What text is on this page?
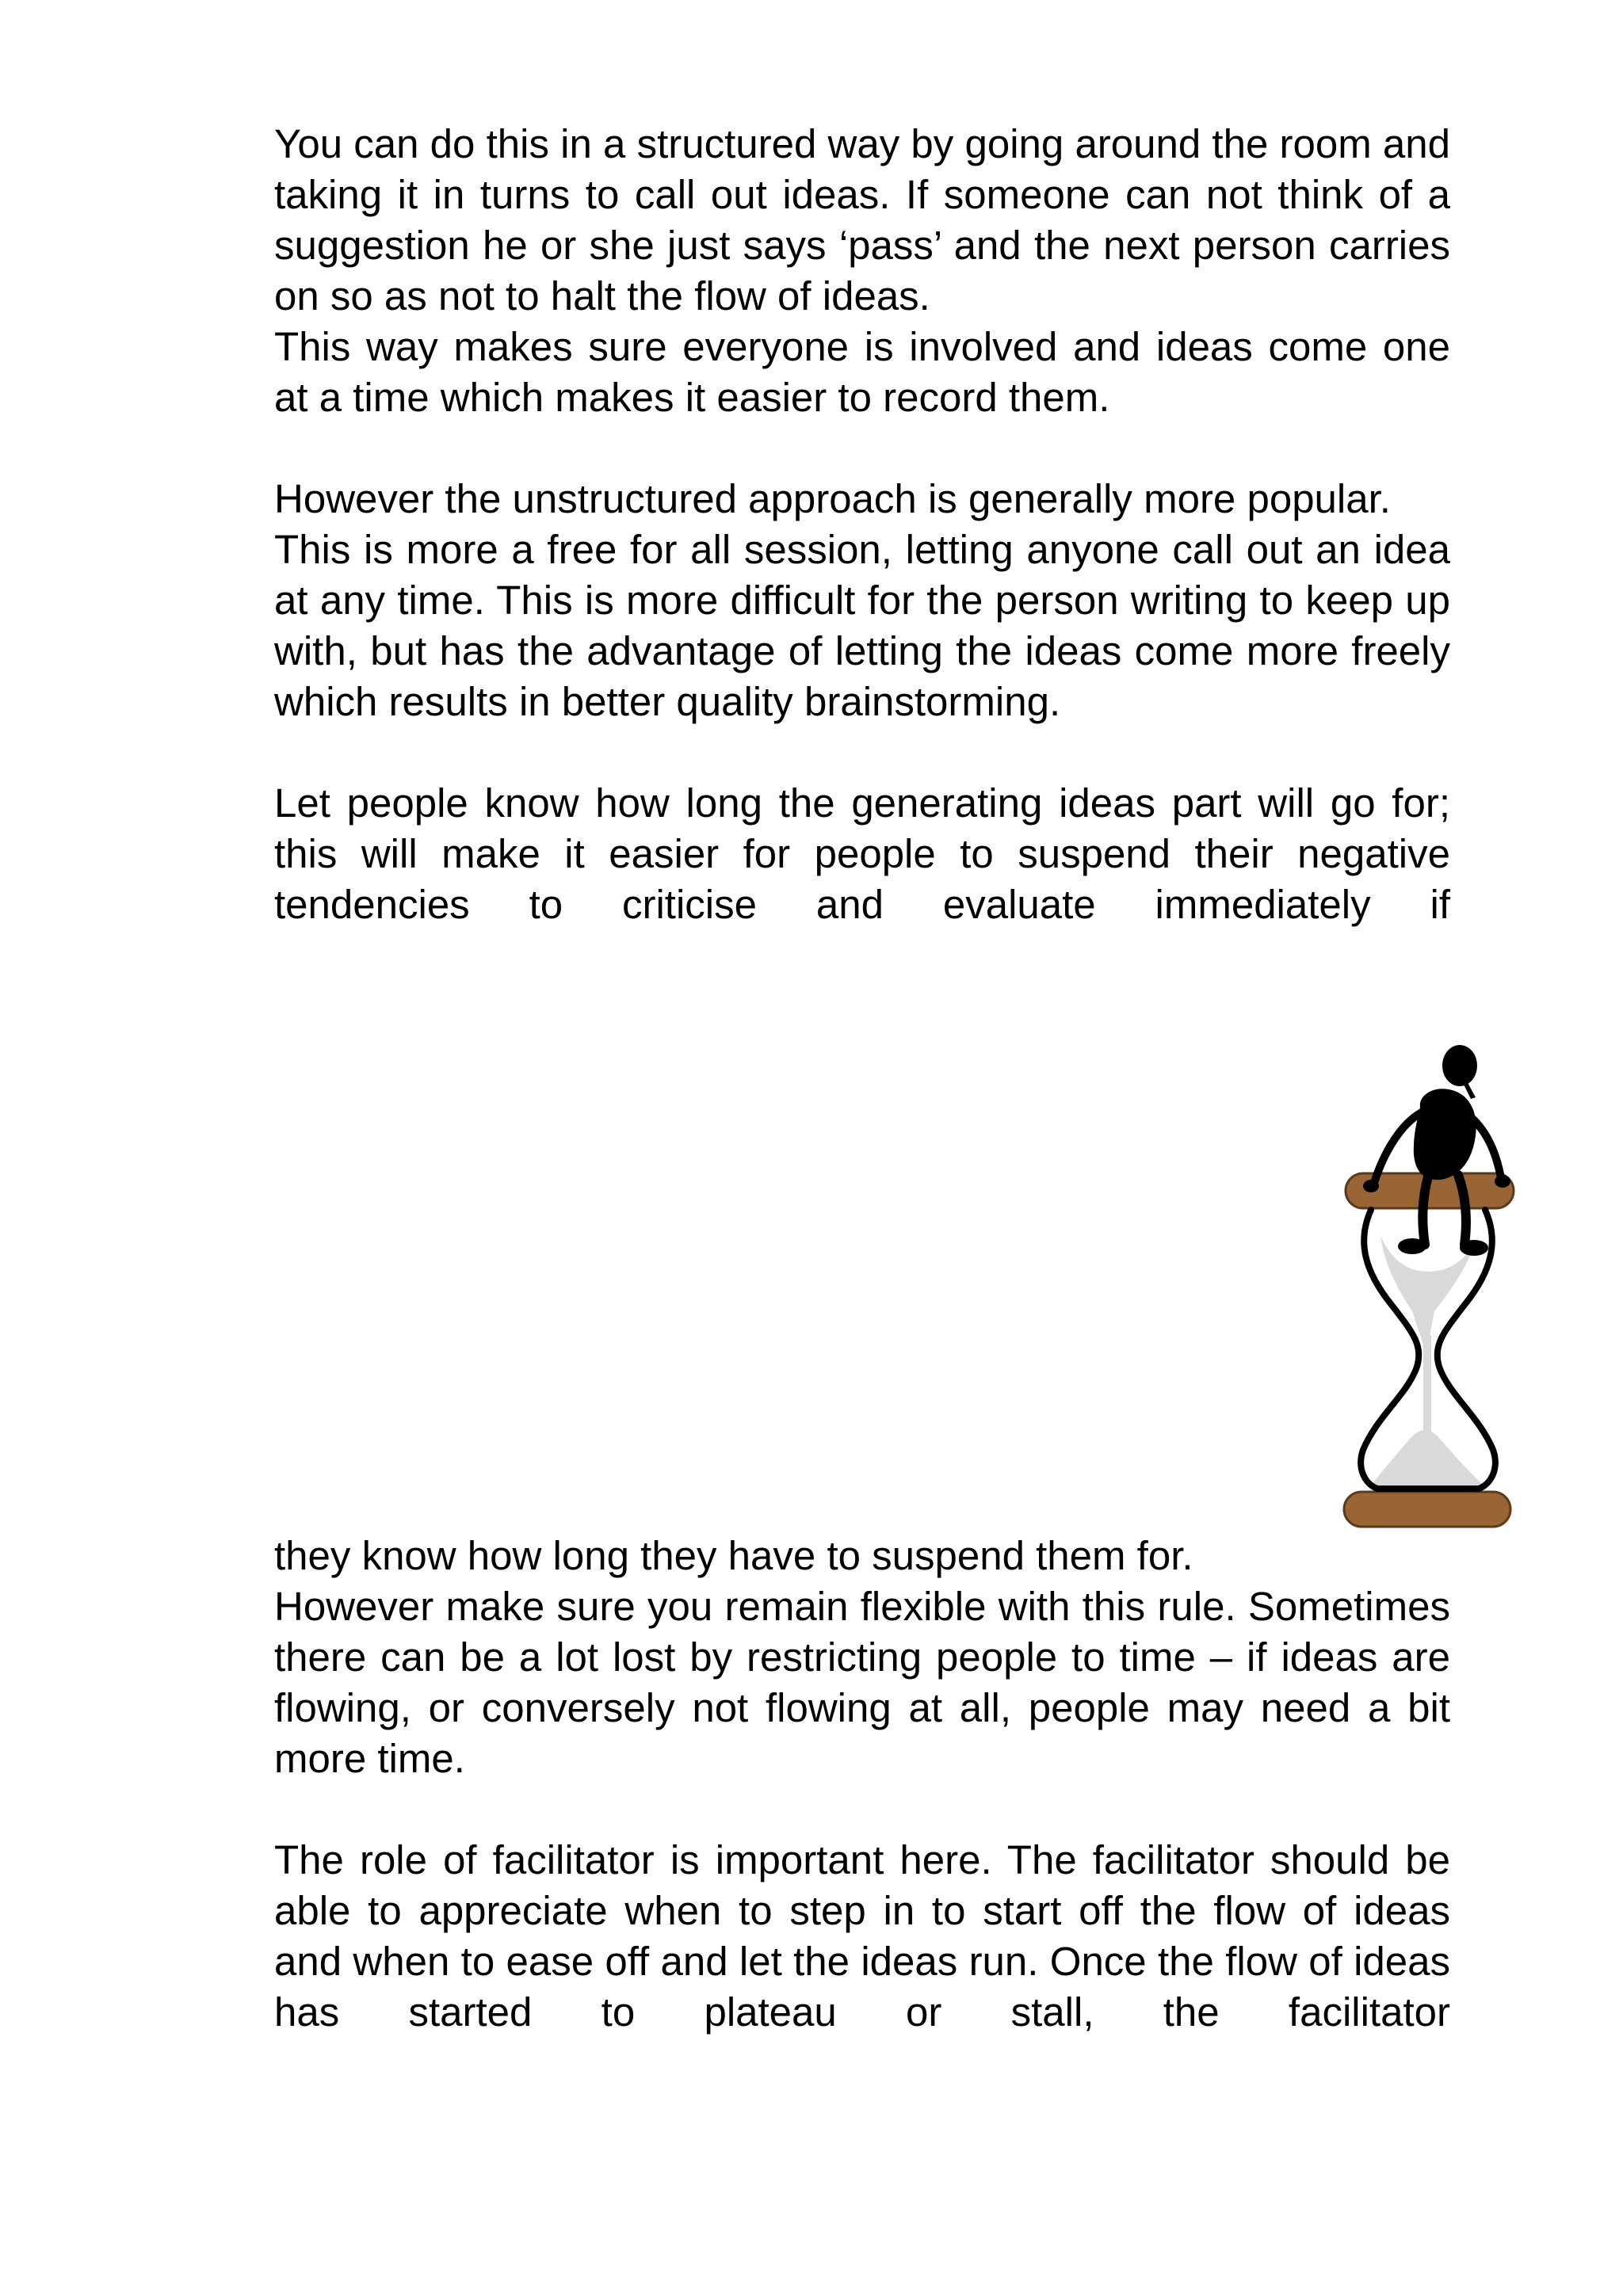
You can do this in a structured way by going around the room and taking it in turns to call out ideas. If someone can not think of a suggestion he or she just says ‘pass’ and the next person carries on so as not to halt the flow of ideas.

This way makes sure everyone is involved and ideas come one at a time which makes it easier to record them.

However the unstructured approach is generally more popular.

This is more a free for all session, letting anyone call out an idea at any time. This is more difficult for the person writing to keep up with, but has the advantage of letting the ideas come more freely which results in better quality brainstorming.

Let people know how long the generating ideas part will go for; this will make it easier for people to suspend their negative tendencies to criticise and evaluate immediately if

they know how long they have to suspend them for.

However make sure you remain flexible with this rule. Sometimes there can be a lot lost by restricting people to time – if ideas are flowing, or conversely not flowing at all, people may need a bit more time.

The role of facilitator is important here. The facilitator should be able to appreciate when to step in to start off the flow of ideas and when to ease off and let the ideas run. Once the flow of ideas has started to plateau or stall, the facilitator
